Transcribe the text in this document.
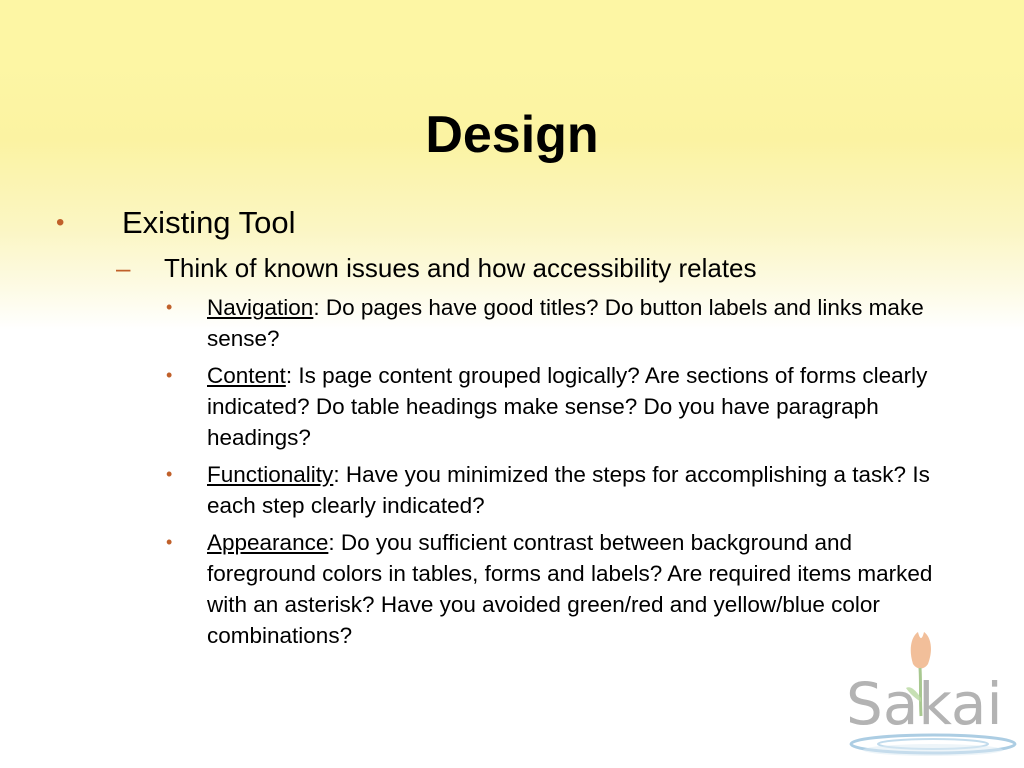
Design
• Existing Tool
– Think of known issues and how accessibility relates
• Navigation: Do pages have good titles? Do button labels and links make sense?
• Content: Is page content grouped logically? Are sections of forms clearly indicated? Do table headings make sense? Do you have paragraph headings?
• Functionality: Have you minimized the steps for accomplishing a task? Is each step clearly indicated?
• Appearance: Do you sufficient contrast between background and foreground colors in tables, forms and labels? Are required items marked with an asterisk? Have you avoided green/red and yellow/blue color combinations?
Sakai
